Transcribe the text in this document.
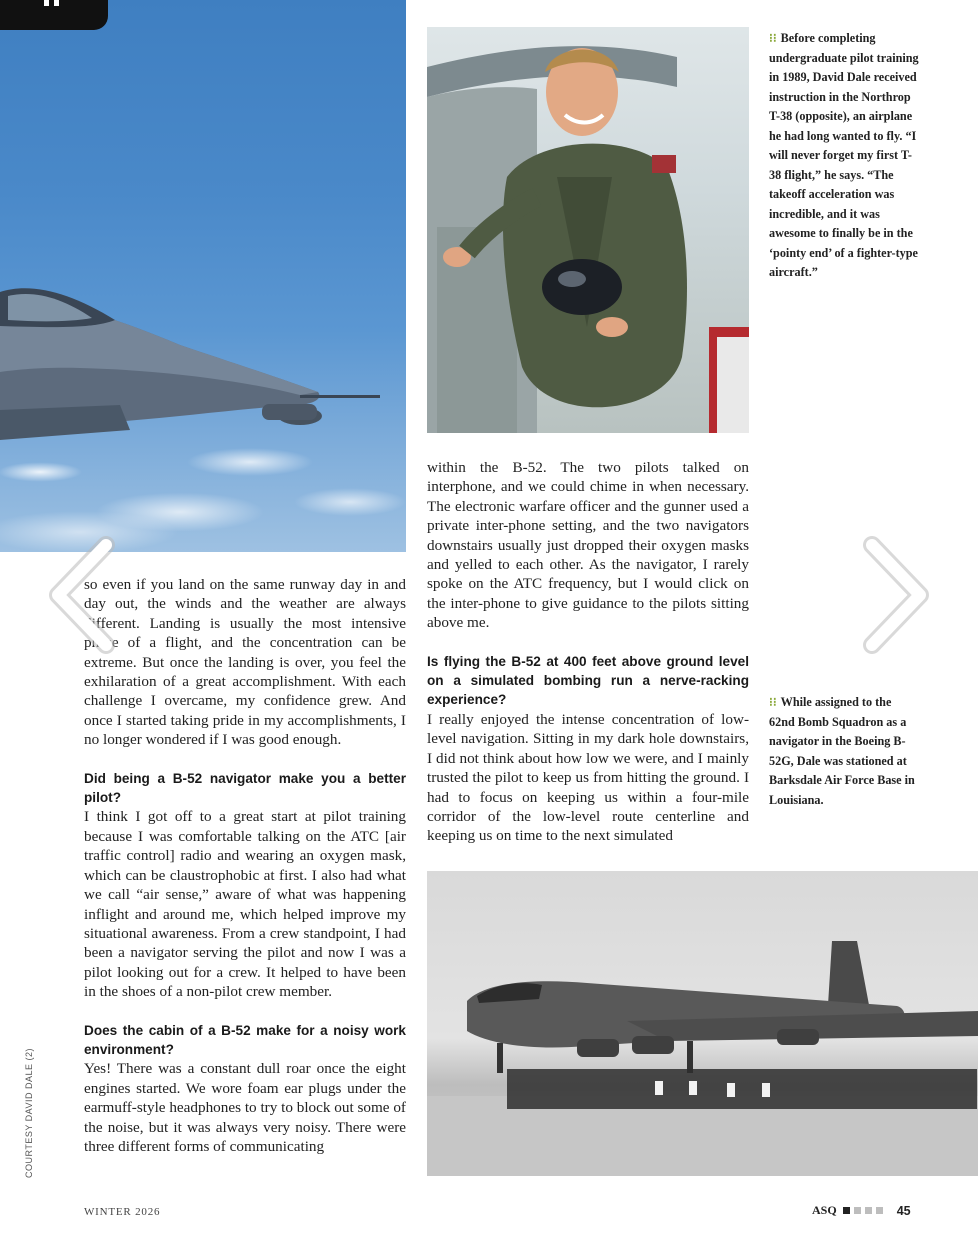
⁝⁝ Before completing undergraduate pilot training in 1989, David Dale received instruction in the Northrop T-38 (opposite), an airplane he had long wanted to fly. “I will never forget my first T-38 flight,” he says. “The takeoff acceleration was incredible, and it was awesome to finally be in the ‘pointy end’ of a fighter-type aircraft.”

so even if you land on the same runway day in and day out, the winds and the weather are always different. Landing is usually the most intensive phase of a flight, and the concentration can be extreme. But once the landing is over, you feel the exhilaration of a great accomplishment. With each challenge I overcame, my confidence grew. And once I started taking pride in my accomplishments, I no longer wondered if I was good enough.

Did being a B-52 navigator make you a better pilot?

I think I got off to a great start at pilot training because I was comfortable talking on the ATC [air traffic control] radio and wearing an oxygen mask, which can be claustrophobic at first. I also had what we call “air sense,” aware of what was happening inflight and around me, which helped improve my situational awareness. From a crew standpoint, I had been a navigator serving the pilot and now I was a pilot looking out for a crew. It helped to have been in the shoes of a non-pilot crew member.

Does the cabin of a B-52 make for a noisy work environment?

Yes! There was a constant dull roar once the eight engines started. We wore foam ear plugs under the earmuff-style headphones to try to block out some of the noise, but it was always very noisy. There were three different forms of communicating

within the B-52. The two pilots talked on interphone, and we could chime in when necessary. The electronic warfare officer and the gunner used a private inter-phone setting, and the two navigators downstairs usually just dropped their oxygen masks and yelled to each other. As the navigator, I rarely spoke on the ATC frequency, but I would click on the inter-phone to give guidance to the pilots sitting above me.

Is flying the B-52 at 400 feet above ground level on a simulated bombing run a nerve-racking experience?

I really enjoyed the intense concentration of low-level navigation. Sitting in my dark hole downstairs, I did not think about how low we were, and I mainly trusted the pilot to keep us from hitting the ground. I had to focus on keeping us within a four-mile corridor of the low-level route centerline and keeping us on time to the next simulated

⁝⁝ While assigned to the 62nd Bomb Squadron as a navigator in the Boeing B-52G, Dale was stationed at Barksdale Air Force Base in Louisiana.
COURTESY DAVID DALE (2)
WINTER 2026	ASQ	45
